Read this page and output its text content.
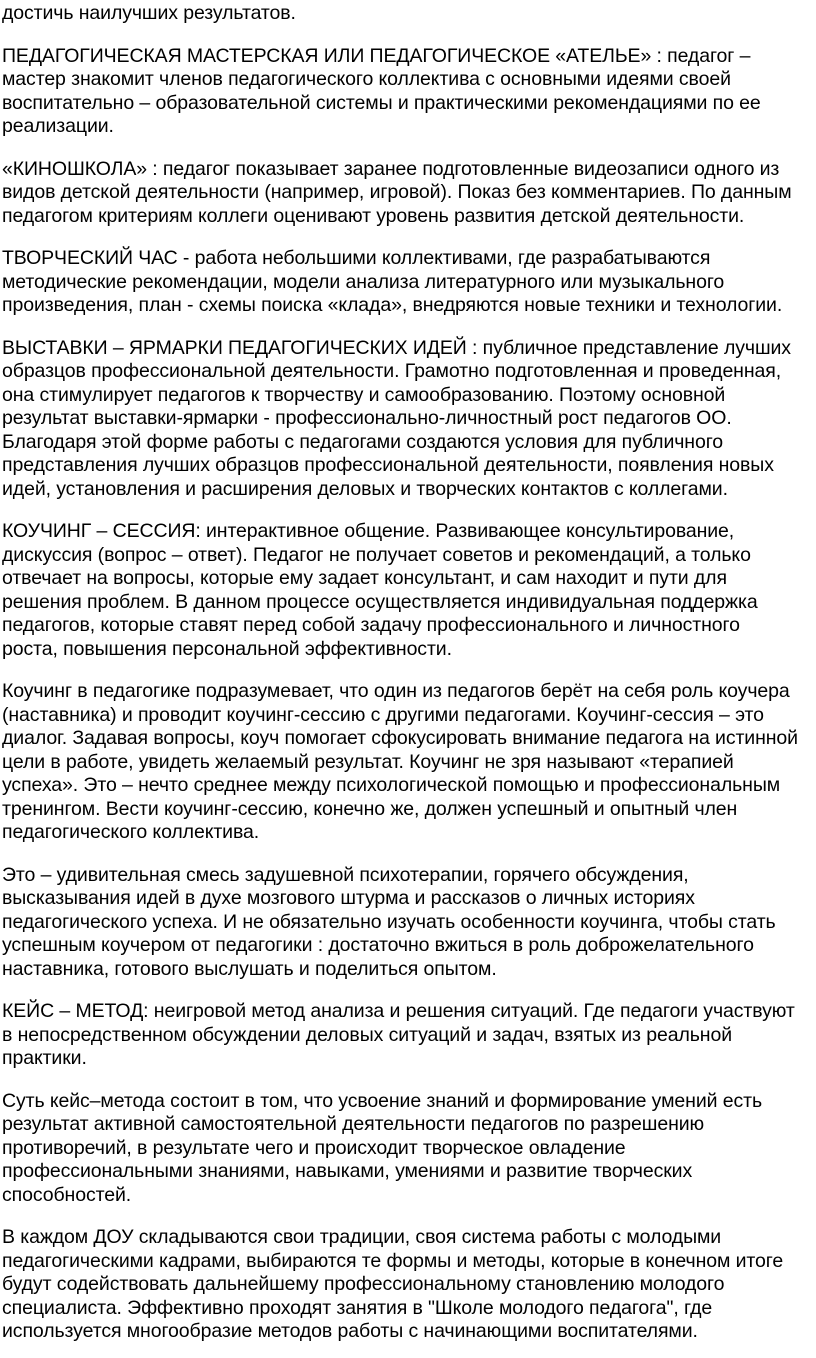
достичь наилучших результатов.

ПЕДАГОГИЧЕСКАЯ МАСТЕРСКАЯ ИЛИ ПЕДАГОГИЧЕСКОЕ «АТЕЛЬЕ» : педагог –
мастер знакомит членов педагогического коллектива с основными идеями своей
воспитательно – образовательной системы и практическими рекомендациями по ее
реализации.

«КИНОШКОЛА» : педагог показывает заранее подготовленные видеозаписи одного из
видов детской деятельности (например, игровой). Показ без комментариев. По данным
педагогом критериям коллеги оценивают уровень развития детской деятельности.

ТВОРЧЕСКИЙ ЧАС - работа небольшими коллективами, где разрабатываются
методические рекомендации, модели анализа литературного или музыкального
произведения, план - схемы поиска «клада», внедряются новые техники и технологии.

ВЫСТАВКИ – ЯРМАРКИ ПЕДАГОГИЧЕСКИХ ИДЕЙ : публичное представление лучших
образцов профессиональной деятельности. Грамотно подготовленная и проведенная,
она стимулирует педагогов к творчеству и самообразованию. Поэтому основной
результат выставки-ярмарки - профессионально-личностный рост педагогов ОО.
Благодаря этой форме работы с педагогами создаются условия для публичного
представления лучших образцов профессиональной деятельности, появления новых
идей, установления и расширения деловых и творческих контактов с коллегами.

КОУЧИНГ – СЕССИЯ: интерактивное общение. Развивающее консультирование,
дискуссия (вопрос – ответ). Педагог не получает советов и рекомендаций, а только
отвечает на вопросы, которые ему задает консультант, и сам находит и пути для
решения проблем. В данном процессе осуществляется индивидуальная поддержка
педагогов, которые ставят перед собой задачу профессионального и личностного
роста, повышения персональной эффективности.

Коучинг в педагогике подразумевает, что один из педагогов берёт на себя роль коучера
(наставника) и проводит коучинг-сессию с другими педагогами. Коучинг-сессия – это
диалог. Задавая вопросы, коуч помогает сфокусировать внимание педагога на истинной
цели в работе, увидеть желаемый результат. Коучинг не зря называют «терапией
успеха». Это – нечто среднее между психологической помощью и профессиональным
тренингом. Вести коучинг-сессию, конечно же, должен успешный и опытный член
педагогического коллектива.

Это – удивительная смесь задушевной психотерапии, горячего обсуждения,
высказывания идей в духе мозгового штурма и рассказов о личных историях
педагогического успеха. И не обязательно изучать особенности коучинга, чтобы стать
успешным коучером от педагогики : достаточно вжиться в роль доброжелательного
наставника, готового выслушать и поделиться опытом.

КЕЙС – МЕТОД: неигровой метод анализа и решения ситуаций. Где педагоги участвуют
в непосредственном обсуждении деловых ситуаций и задач, взятых из реальной
практики.

Суть кейс–метода состоит в том, что усвоение знаний и формирование умений есть
результат активной самостоятельной деятельности педагогов по разрешению
противоречий, в результате чего и происходит творческое овладение
профессиональными знаниями, навыками, умениями и развитие творческих
способностей.

В каждом ДОУ складываются свои традиции, своя система работы с молодыми
педагогическими кадрами, выбираются те формы и методы, которые в конечном итоге
будут содействовать дальнейшему профессиональному становлению молодого
специалиста. Эффективно проходят занятия в "Школе молодого педагога", где
используется многообразие методов работы с начинающими воспитателями.
